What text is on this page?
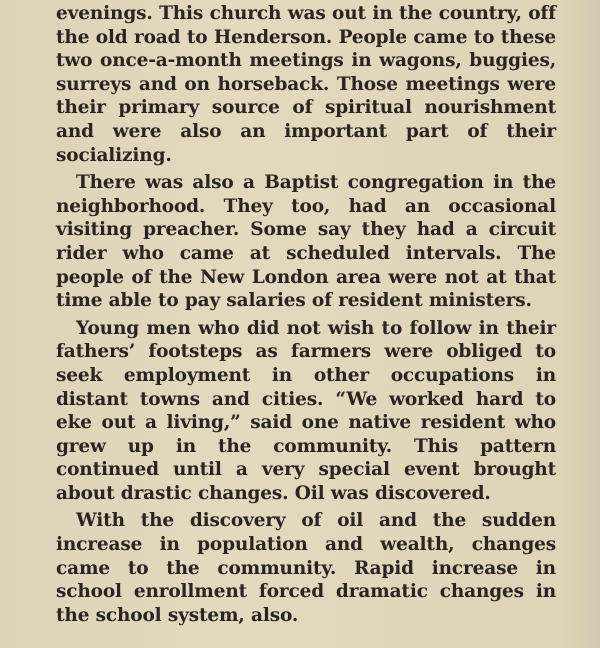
evenings. This church was out in the country, off the old road to Henderson. People came to these two once-a-month meetings in wagons, buggies, surreys and on horseback. Those meetings were their primary source of spiritual nourishment and were also an important part of their socializing.

There was also a Baptist congregation in the neighborhood. They too, had an occasional visiting preacher. Some say they had a circuit rider who came at scheduled intervals. The people of the New London area were not at that time able to pay salaries of resident ministers.

Young men who did not wish to follow in their fathers’ footsteps as farmers were obliged to seek employment in other occupations in distant towns and cities. “We worked hard to eke out a living,” said one native resident who grew up in the community. This pattern continued until a very special event brought about drastic changes. Oil was discovered.

With the discovery of oil and the sudden increase in population and wealth, changes came to the community. Rapid increase in school enrollment forced dramatic changes in the school system, also.
